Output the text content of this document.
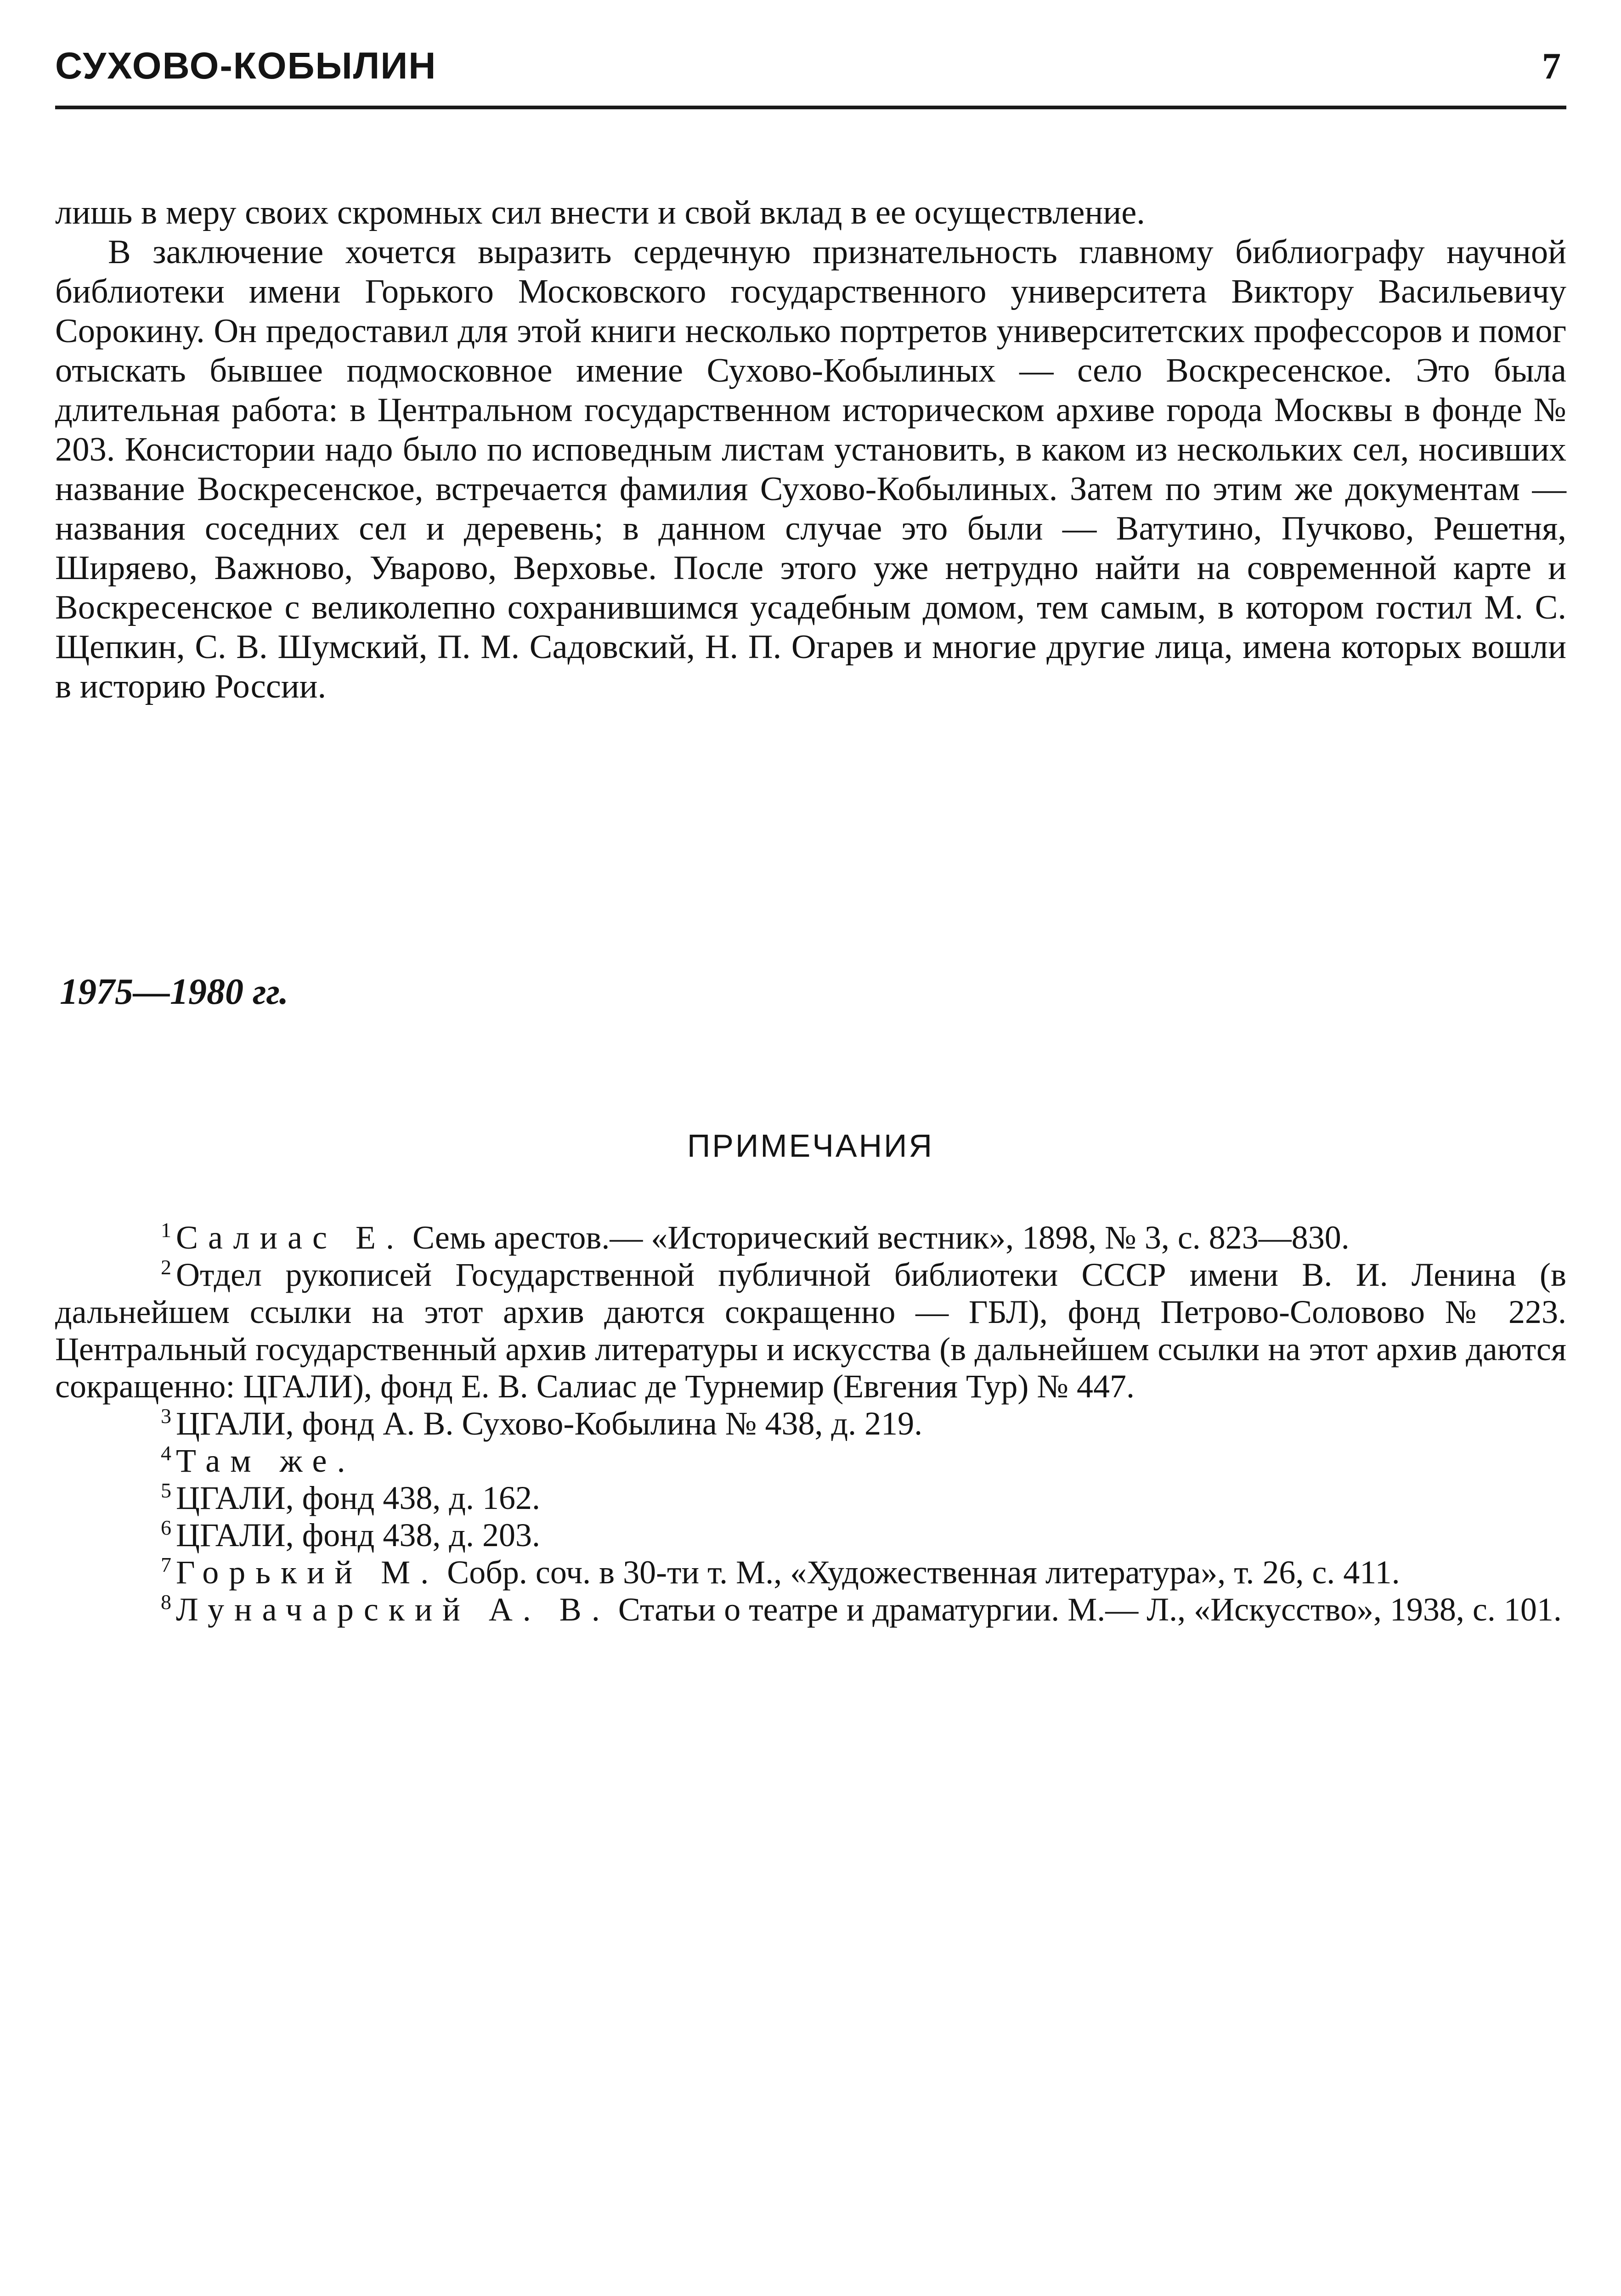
СУХОВО-КОБЫЛИН	7

лишь в меру своих скромных сил внести и свой вклад в ее осуществление.

В заключение хочется выразить сердечную признательность главному библиографу научной библиотеки имени Горького Московского государственного университета Виктору Васильевичу Сорокину. Он предоставил для этой книги несколько портретов университетских профессоров и помог отыскать бывшее подмосковное имение Сухово-Кобылиных — село Воскресенское. Это была длительная работа: в Центральном государственном историческом архиве города Москвы в фонде № 203. Консистории надо было по исповедным листам установить, в каком из нескольких сел, носивших название Воскресенское, встречается фамилия Сухово-Кобылиных. Затем по этим же документам — названия соседних сел и деревень; в данном случае это были — Ватутино, Пучково, Решетня, Ширяево, Важново, Уварово, Верховье. После этого уже нетрудно найти на современной карте и Воскресенское с великолепно сохранившимся усадебным домом, тем самым, в котором гостил М. С. Щепкин, С. В. Шумский, П. М. Садовский, Н. П. Огарев и многие другие лица, имена которых вошли в историю России.

1975—1980 гг.
ПРИМЕЧАНИЯ

$^1$ Салиас Е. Семь арестов.— «Исторический вестник», 1898, № 3, с. 823—830.

$^2$ Отдел рукописей Государственной публичной библиотеки СССР имени В. И. Ленина (в дальнейшем ссылки на этот архив даются сокращенно — ГБЛ), фонд Петрово-Соловово № 223. Центральный государственный архив литературы и искусства (в дальнейшем ссылки на этот архив даются сокращенно: ЦГАЛИ), фонд Е. В. Салиас де Турнемир (Евгения Тур) № 447.

$^3$ ЦГАЛИ, фонд А. В. Сухово-Кобылина № 438, д. 219.

$^4$ Там же.

$^5$ ЦГАЛИ, фонд 438, д. 162.

$^6$ ЦГАЛИ, фонд 438, д. 203.

$^7$ Горький М. Собр. соч. в 30-ти т. М., «Художественная литература», т. 26, с. 411.

$^8$ Луначарский А. В. Статьи о театре и драматургии. М.— Л., «Искусство», 1938, с. 101.
